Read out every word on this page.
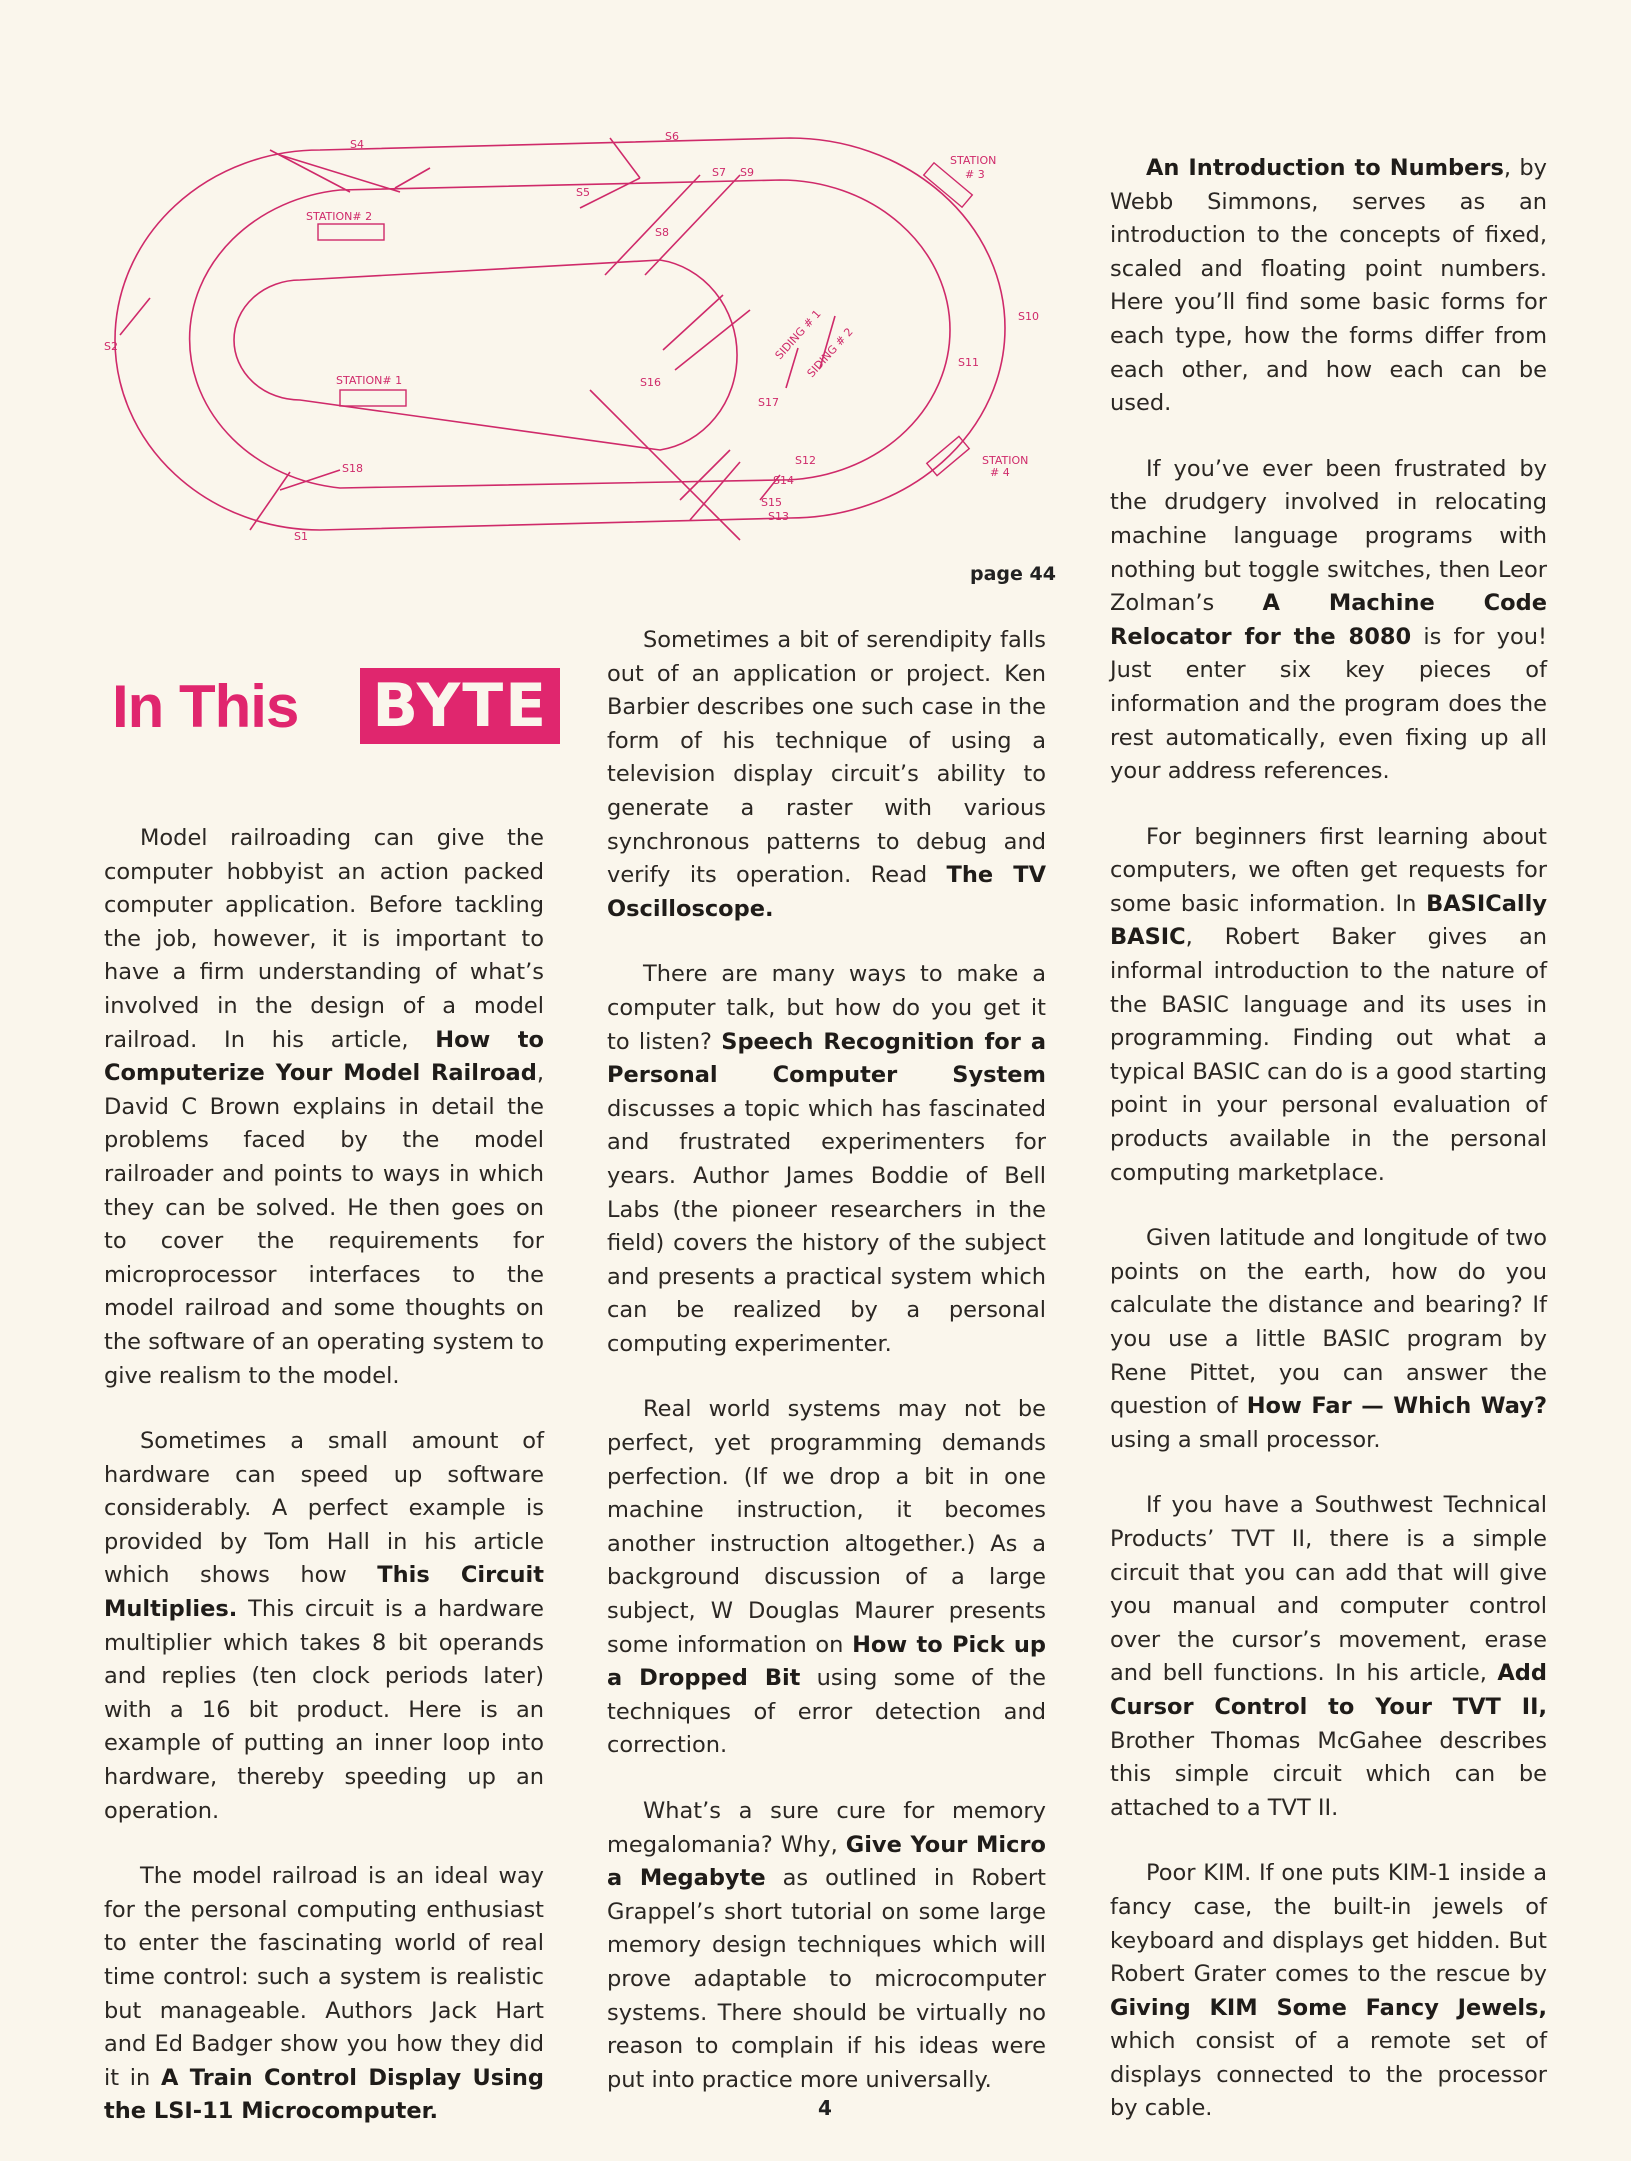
S4
S2
S5
S6
S7
S8
S9
S10
S11
S12
S13
S14
S15
S16
S17
S18
S1
STATION# 2
STATION# 1
STATION
# 3
STATION
# 4
SIDING # 1
SIDING # 2
page 44
In This BYTE

Model railroading can give the computer hobbyist an action packed computer application. Before tackling the job, however, it is important to have a firm understanding of what’s involved in the design of a model railroad. In his article, How to Computerize Your Model Railroad, David C Brown explains in detail the problems faced by the model railroader and points to ways in which they can be solved. He then goes on to cover the requirements for microprocessor interfaces to the model railroad and some thoughts on the software of an operating system to give realism to the model.

Sometimes a small amount of hardware can speed up software considerably. A perfect example is provided by Tom Hall in his article which shows how This Circuit Multiplies. This circuit is a hardware multiplier which takes 8 bit operands and replies (ten clock periods later) with a 16 bit product. Here is an example of putting an inner loop into hardware, thereby speeding up an operation.

The model railroad is an ideal way for the personal computing enthusiast to enter the fascinating world of real time control: such a system is realistic but manageable. Authors Jack Hart and Ed Badger show you how they did it in A Train Control Display Using the LSI-11 Microcomputer.

Sometimes a bit of serendipity falls out of an application or project. Ken Barbier describes one such case in the form of his technique of using a television display circuit’s ability to generate a raster with various synchronous patterns to debug and verify its operation. Read The TV Oscilloscope.

There are many ways to make a computer talk, but how do you get it to listen? Speech Recognition for a Personal Computer System discusses a topic which has fascinated and frustrated experimenters for years. Author James Boddie of Bell Labs (the pioneer researchers in the field) covers the history of the subject and presents a practical system which can be realized by a personal computing experimenter.

Real world systems may not be perfect, yet programming demands perfection. (If we drop a bit in one machine instruction, it becomes another instruction altogether.) As a background discussion of a large subject, W Douglas Maurer presents some information on How to Pick up a Dropped Bit using some of the techniques of error detection and correction.

What’s a sure cure for memory megalomania? Why, Give Your Micro a Megabyte as outlined in Robert Grappel’s short tutorial on some large memory design techniques which will prove adaptable to microcomputer systems. There should be virtually no reason to complain if his ideas were put into practice more universally.

An Introduction to Numbers, by Webb Simmons, serves as an introduction to the concepts of fixed, scaled and floating point numbers. Here you’ll find some basic forms for each type, how the forms differ from each other, and how each can be used.

If you’ve ever been frustrated by the drudgery involved in relocating machine language programs with nothing but toggle switches, then Leor Zolman’s A Machine Code Relocator for the 8080 is for you! Just enter six key pieces of information and the program does the rest automatically, even fixing up all your address references.

For beginners first learning about computers, we often get requests for some basic information. In BASICally BASIC, Robert Baker gives an informal introduction to the nature of the BASIC language and its uses in programming. Finding out what a typical BASIC can do is a good starting point in your personal evaluation of products available in the personal computing marketplace.

Given latitude and longitude of two points on the earth, how do you calculate the distance and bearing? If you use a little BASIC program by Rene Pittet, you can answer the question of How Far — Which Way? using a small processor.

If you have a Southwest Technical Products’ TVT II, there is a simple circuit that you can add that will give you manual and computer control over the cursor’s movement, erase and bell functions. In his article, Add Cursor Control to Your TVT II, Brother Thomas McGahee describes this simple circuit which can be attached to a TVT II.

Poor KIM. If one puts KIM-1 inside a fancy case, the built-in jewels of keyboard and displays get hidden. But Robert Grater comes to the rescue by Giving KIM Some Fancy Jewels, which consist of a remote set of displays connected to the processor by cable.

4
